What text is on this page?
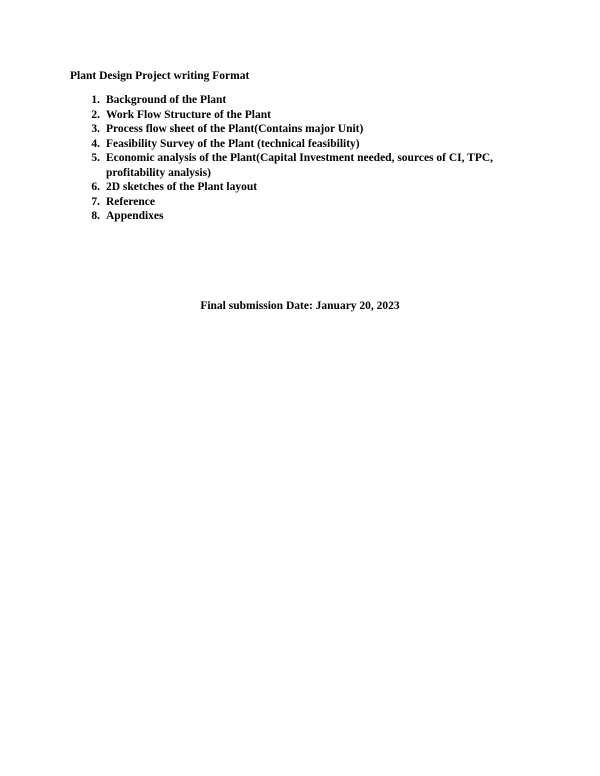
Plant Design Project writing Format
1. Background of the Plant
2. Work Flow Structure of the Plant
3. Process flow sheet of the Plant(Contains major Unit)
4. Feasibility Survey of the Plant (technical feasibility)
5. Economic analysis of the Plant(Capital Investment needed, sources of CI, TPC, profitability analysis)
6. 2D sketches of the Plant layout
7. Reference
8. Appendixes
Final submission Date: January 20, 2023
